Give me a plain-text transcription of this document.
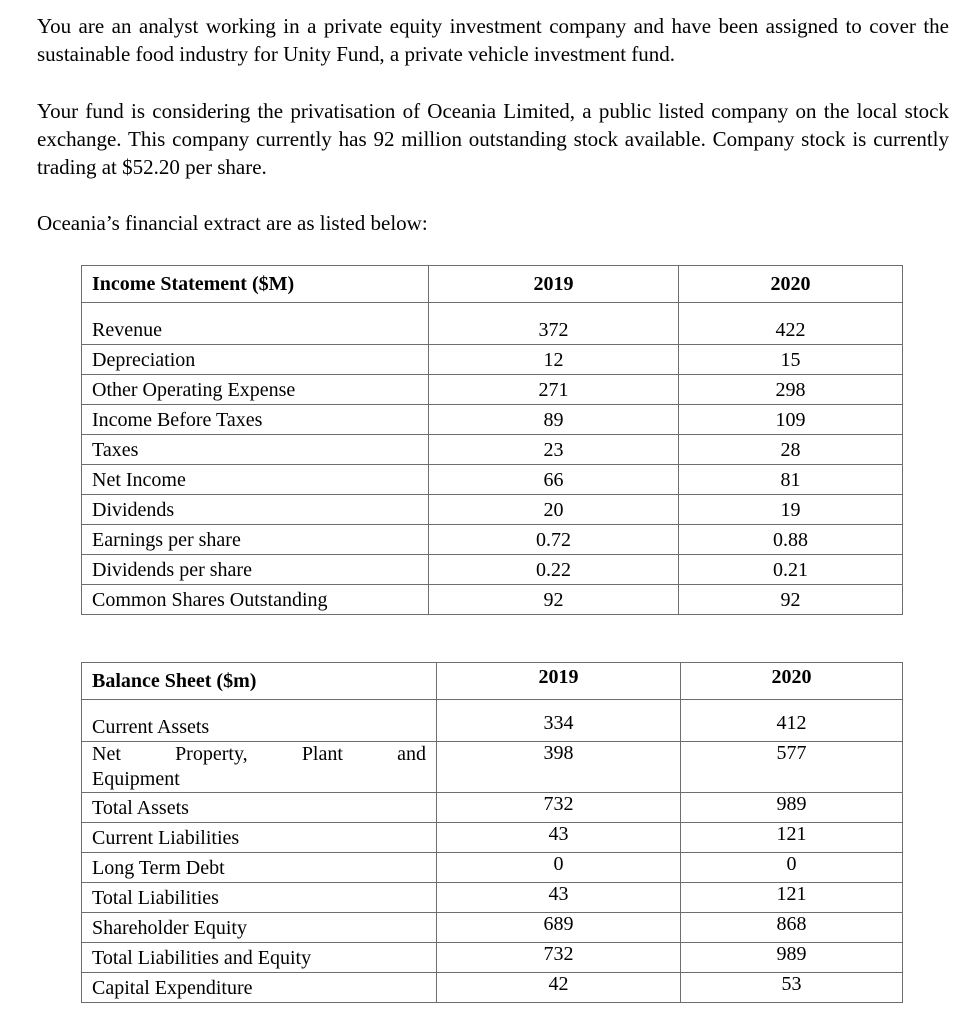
You are an analyst working in a private equity investment company and have been assigned to cover the sustainable food industry for Unity Fund, a private vehicle investment fund.

Your fund is considering the privatisation of Oceania Limited, a public listed company on the local stock exchange. This company currently has 92 million outstanding stock available. Company stock is currently trading at $52.20 per share.

Oceania’s financial extract are as listed below:

Income Statement ($M)	2019	2020

Revenue	372	422
Depreciation	12	15
Other Operating Expense	271	298
Income Before Taxes	89	109
Taxes	23	28
Net Income	66	81
Dividends	20	19
Earnings per share	0.72	0.88
Dividends per share	0.22	0.21
Common Shares Outstanding	92	92
Balance Sheet ($m)	2019	2020

Current Assets	334	412

Net Property, Plant and
Equipment	398	577
Total Assets	732	989
Current Liabilities	43	121
Long Term Debt	0	0
Total Liabilities	43	121
Shareholder Equity	689	868
Total Liabilities and Equity	732	989
Capital Expenditure	42	53
